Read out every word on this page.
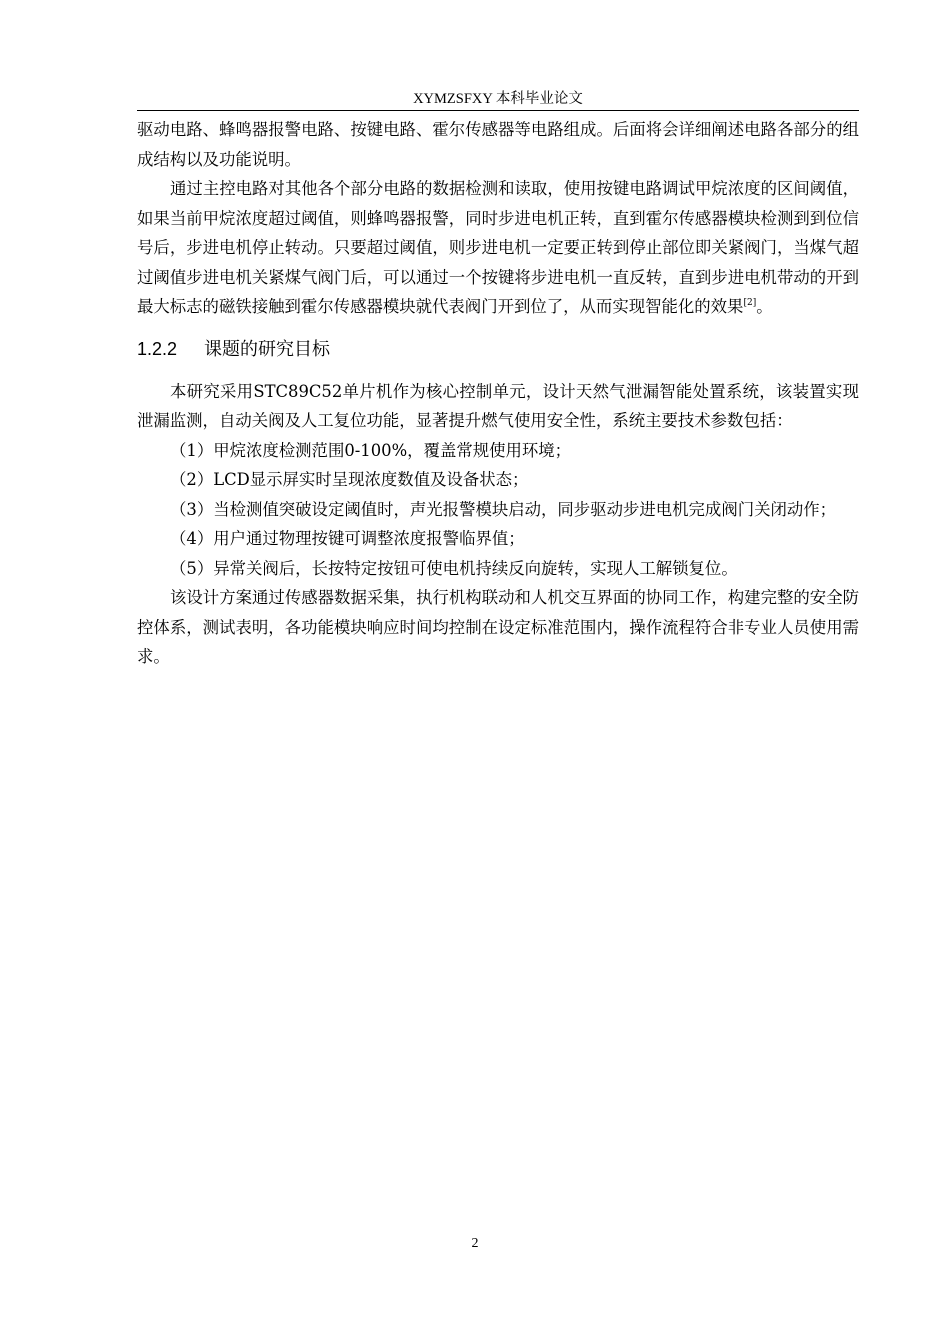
XYMZSFXY 本科毕业论文

驱动电路、蜂鸣器报警电路、按键电路、霍尔传感器等电路组成。后面将会详细阐述电路各部分的组成结构以及功能说明。

通过主控电路对其他各个部分电路的数据检测和读取，使用按键电路调试甲烷浓度的区间阈值，如果当前甲烷浓度超过阈值，则蜂鸣器报警，同时步进电机正转，直到霍尔传感器模块检测到到位信号后，步进电机停止转动。只要超过阈值，则步进电机一定要正转到停止部位即关紧阀门，当煤气超过阈值步进电机关紧煤气阀门后，可以通过一个按键将步进电机一直反转，直到步进电机带动的开到最大标志的磁铁接触到霍尔传感器模块就代表阀门开到位了，从而实现智能化的效果[2]。

1.2.2 课题的研究目标

本研究采用STC89C52单片机作为核心控制单元，设计天然气泄漏智能处置系统，该装置实现泄漏监测，自动关阀及人工复位功能，显著提升燃气使用安全性，系统主要技术参数包括：

（1）甲烷浓度检测范围0-100%，覆盖常规使用环境；

（2）LCD显示屏实时呈现浓度数值及设备状态；

（3）当检测值突破设定阈值时，声光报警模块启动，同步驱动步进电机完成阀门关闭动作；

（4）用户通过物理按键可调整浓度报警临界值；

（5）异常关阀后，长按特定按钮可使电机持续反向旋转，实现人工解锁复位。

该设计方案通过传感器数据采集，执行机构联动和人机交互界面的协同工作，构建完整的安全防控体系，测试表明，各功能模块响应时间均控制在设定标准范围内，操作流程符合非专业人员使用需求。

2
